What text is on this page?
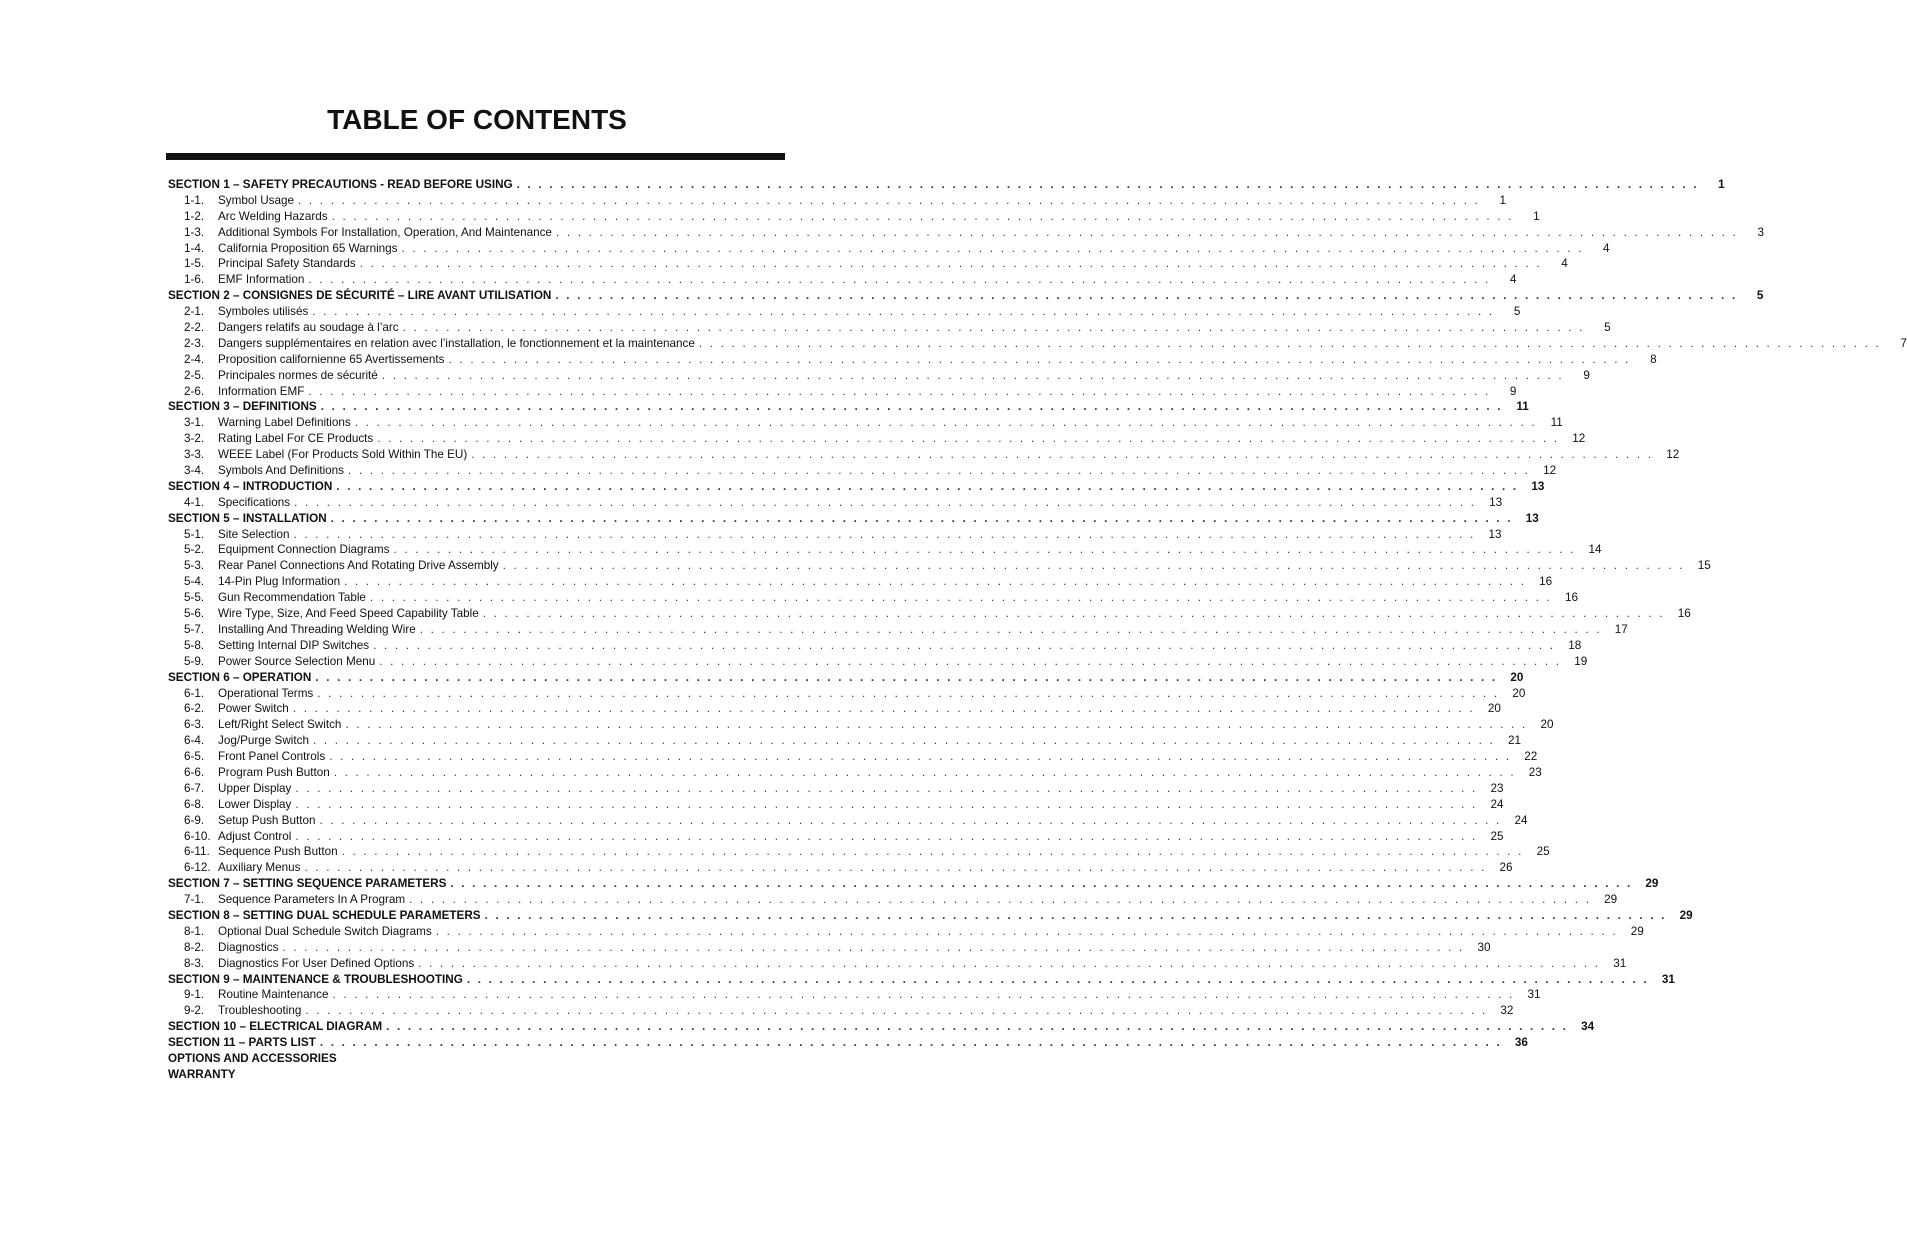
TABLE OF CONTENTS
SECTION 1 – SAFETY PRECAUTIONS - READ BEFORE USING . . . . . . . . . . . . . . . . . . . . . . . . . . . . . . . . . . . . . . . . . . . . . . . . . . . . . . . . . . . . . . . . . . . . . . . . . . . . . . . . . . . . . . . . . . . . . . . . . . . . . . . . . . . . .	1
1-1.	Symbol Usage . . . . . . . . . . . . . . . . . . . . . . . . . . . . . . . . . . . . . . . . . . . . . . . . . . . . . . . . . . . . . . . . . . . . . . . . . . . . . . . . . . . . . . . . . . . . . . . . . . . . . . . . . . . . .	1
1-2.	Arc Welding Hazards . . . . . . . . . . . . . . . . . . . . . . . . . . . . . . . . . . . . . . . . . . . . . . . . . . . . . . . . . . . . . . . . . . . . . . . . . . . . . . . . . . . . . . . . . . . . . . . . . . . . . . . . . . . . .	1
1-3.	Additional Symbols For Installation, Operation, And Maintenance . . . . . . . . . . . . . . . . . . . . . . . . . . . . . . . . . . . . . . . . . . . . . . . . . . . . . . . . . . . . . . . . . . . . . . . . . . . . . . . . . . . . . . . . . . . . . . . . . . . . . . . . . . . . .	3
1-4.	California Proposition 65 Warnings . . . . . . . . . . . . . . . . . . . . . . . . . . . . . . . . . . . . . . . . . . . . . . . . . . . . . . . . . . . . . . . . . . . . . . . . . . . . . . . . . . . . . . . . . . . . . . . . . . . . . . . . . . . . .	4
1-5.	Principal Safety Standards . . . . . . . . . . . . . . . . . . . . . . . . . . . . . . . . . . . . . . . . . . . . . . . . . . . . . . . . . . . . . . . . . . . . . . . . . . . . . . . . . . . . . . . . . . . . . . . . . . . . . . . . . . . . .	4
1-6.	EMF Information . . . . . . . . . . . . . . . . . . . . . . . . . . . . . . . . . . . . . . . . . . . . . . . . . . . . . . . . . . . . . . . . . . . . . . . . . . . . . . . . . . . . . . . . . . . . . . . . . . . . . . . . . . . . .	4
SECTION 2 – CONSIGNES DE SÉCURITÉ – LIRE AVANT UTILISATION . . . . . . . . . . . . . . . . . . . . . . . . . . . . . . . . . . . . . . . . . . . . . . . . . . . . . . . . . . . . . . . . . . . . . . . . . . . . . . . . . . . . . . . . . . . . . . . . . . . . . . . . . . . . .	5
2-1.	Symboles utilisés . . . . . . . . . . . . . . . . . . . . . . . . . . . . . . . . . . . . . . . . . . . . . . . . . . . . . . . . . . . . . . . . . . . . . . . . . . . . . . . . . . . . . . . . . . . . . . . . . . . . . . . . . . . . .	5
2-2.	Dangers relatifs au soudage à l’arc . . . . . . . . . . . . . . . . . . . . . . . . . . . . . . . . . . . . . . . . . . . . . . . . . . . . . . . . . . . . . . . . . . . . . . . . . . . . . . . . . . . . . . . . . . . . . . . . . . . . . . . . . . . . .	5
2-3.	Dangers supplémentaires en relation avec l’installation, le fonctionnement et la maintenance . . . . . . . . . . . . . . . . . . . . . . . . . . . . . . . . . . . . . . . . . . . . . . . . . . . . . . . . . . . . . . . . . . . . . . . . . . . . . . . . . . . . . . . . . . . . . . . . . . . . . . . . . . . . .	7
2-4.	Proposition californienne 65 Avertissements . . . . . . . . . . . . . . . . . . . . . . . . . . . . . . . . . . . . . . . . . . . . . . . . . . . . . . . . . . . . . . . . . . . . . . . . . . . . . . . . . . . . . . . . . . . . . . . . . . . . . . . . . . . . .	8
2-5.	Principales normes de sécurité . . . . . . . . . . . . . . . . . . . . . . . . . . . . . . . . . . . . . . . . . . . . . . . . . . . . . . . . . . . . . . . . . . . . . . . . . . . . . . . . . . . . . . . . . . . . . . . . . . . . . . . . . . . . .	9
2-6.	Information EMF . . . . . . . . . . . . . . . . . . . . . . . . . . . . . . . . . . . . . . . . . . . . . . . . . . . . . . . . . . . . . . . . . . . . . . . . . . . . . . . . . . . . . . . . . . . . . . . . . . . . . . . . . . . . .	9
SECTION 3 – DEFINITIONS . . . . . . . . . . . . . . . . . . . . . . . . . . . . . . . . . . . . . . . . . . . . . . . . . . . . . . . . . . . . . . . . . . . . . . . . . . . . . . . . . . . . . . . . . . . . . . . . . . . . . . . . . . . . .	11
3-1.	Warning Label Definitions . . . . . . . . . . . . . . . . . . . . . . . . . . . . . . . . . . . . . . . . . . . . . . . . . . . . . . . . . . . . . . . . . . . . . . . . . . . . . . . . . . . . . . . . . . . . . . . . . . . . . . . . . . . . .	11
3-2.	Rating Label For CE Products . . . . . . . . . . . . . . . . . . . . . . . . . . . . . . . . . . . . . . . . . . . . . . . . . . . . . . . . . . . . . . . . . . . . . . . . . . . . . . . . . . . . . . . . . . . . . . . . . . . . . . . . . . . . .	12
3-3.	WEEE Label (For Products Sold Within The EU) . . . . . . . . . . . . . . . . . . . . . . . . . . . . . . . . . . . . . . . . . . . . . . . . . . . . . . . . . . . . . . . . . . . . . . . . . . . . . . . . . . . . . . . . . . . . . . . . . . . . . . . . . . . . .	12
3-4.	Symbols And Definitions . . . . . . . . . . . . . . . . . . . . . . . . . . . . . . . . . . . . . . . . . . . . . . . . . . . . . . . . . . . . . . . . . . . . . . . . . . . . . . . . . . . . . . . . . . . . . . . . . . . . . . . . . . . . .	12
SECTION 4 – INTRODUCTION . . . . . . . . . . . . . . . . . . . . . . . . . . . . . . . . . . . . . . . . . . . . . . . . . . . . . . . . . . . . . . . . . . . . . . . . . . . . . . . . . . . . . . . . . . . . . . . . . . . . . . . . . . . . .	13
4-1.	Specifications . . . . . . . . . . . . . . . . . . . . . . . . . . . . . . . . . . . . . . . . . . . . . . . . . . . . . . . . . . . . . . . . . . . . . . . . . . . . . . . . . . . . . . . . . . . . . . . . . . . . . . . . . . . . .	13
SECTION 5 – INSTALLATION . . . . . . . . . . . . . . . . . . . . . . . . . . . . . . . . . . . . . . . . . . . . . . . . . . . . . . . . . . . . . . . . . . . . . . . . . . . . . . . . . . . . . . . . . . . . . . . . . . . . . . . . . . . . .	13
5-1.	Site Selection . . . . . . . . . . . . . . . . . . . . . . . . . . . . . . . . . . . . . . . . . . . . . . . . . . . . . . . . . . . . . . . . . . . . . . . . . . . . . . . . . . . . . . . . . . . . . . . . . . . . . . . . . . . . .	13
5-2.	Equipment Connection Diagrams . . . . . . . . . . . . . . . . . . . . . . . . . . . . . . . . . . . . . . . . . . . . . . . . . . . . . . . . . . . . . . . . . . . . . . . . . . . . . . . . . . . . . . . . . . . . . . . . . . . . . . . . . . . . .	14
5-3.	Rear Panel Connections And Rotating Drive Assembly . . . . . . . . . . . . . . . . . . . . . . . . . . . . . . . . . . . . . . . . . . . . . . . . . . . . . . . . . . . . . . . . . . . . . . . . . . . . . . . . . . . . . . . . . . . . . . . . . . . . . . . . . . . . .	15
5-4.	14-Pin Plug Information . . . . . . . . . . . . . . . . . . . . . . . . . . . . . . . . . . . . . . . . . . . . . . . . . . . . . . . . . . . . . . . . . . . . . . . . . . . . . . . . . . . . . . . . . . . . . . . . . . . . . . . . . . . . .	16
5-5.	Gun Recommendation Table . . . . . . . . . . . . . . . . . . . . . . . . . . . . . . . . . . . . . . . . . . . . . . . . . . . . . . . . . . . . . . . . . . . . . . . . . . . . . . . . . . . . . . . . . . . . . . . . . . . . . . . . . . . . .	16
5-6.	Wire Type, Size, And Feed Speed Capability Table . . . . . . . . . . . . . . . . . . . . . . . . . . . . . . . . . . . . . . . . . . . . . . . . . . . . . . . . . . . . . . . . . . . . . . . . . . . . . . . . . . . . . . . . . . . . . . . . . . . . . . . . . . . . .	16
5-7.	Installing And Threading Welding Wire . . . . . . . . . . . . . . . . . . . . . . . . . . . . . . . . . . . . . . . . . . . . . . . . . . . . . . . . . . . . . . . . . . . . . . . . . . . . . . . . . . . . . . . . . . . . . . . . . . . . . . . . . . . . .	17
5-8.	Setting Internal DIP Switches . . . . . . . . . . . . . . . . . . . . . . . . . . . . . . . . . . . . . . . . . . . . . . . . . . . . . . . . . . . . . . . . . . . . . . . . . . . . . . . . . . . . . . . . . . . . . . . . . . . . . . . . . . . . .	18
5-9.	Power Source Selection Menu . . . . . . . . . . . . . . . . . . . . . . . . . . . . . . . . . . . . . . . . . . . . . . . . . . . . . . . . . . . . . . . . . . . . . . . . . . . . . . . . . . . . . . . . . . . . . . . . . . . . . . . . . . . . .	19
SECTION 6 – OPERATION . . . . . . . . . . . . . . . . . . . . . . . . . . . . . . . . . . . . . . . . . . . . . . . . . . . . . . . . . . . . . . . . . . . . . . . . . . . . . . . . . . . . . . . . . . . . . . . . . . . . . . . . . . . . .	20
6-1.	Operational Terms . . . . . . . . . . . . . . . . . . . . . . . . . . . . . . . . . . . . . . . . . . . . . . . . . . . . . . . . . . . . . . . . . . . . . . . . . . . . . . . . . . . . . . . . . . . . . . . . . . . . . . . . . . . . .	20
6-2.	Power Switch . . . . . . . . . . . . . . . . . . . . . . . . . . . . . . . . . . . . . . . . . . . . . . . . . . . . . . . . . . . . . . . . . . . . . . . . . . . . . . . . . . . . . . . . . . . . . . . . . . . . . . . . . . . . .	20
6-3.	Left/Right Select Switch . . . . . . . . . . . . . . . . . . . . . . . . . . . . . . . . . . . . . . . . . . . . . . . . . . . . . . . . . . . . . . . . . . . . . . . . . . . . . . . . . . . . . . . . . . . . . . . . . . . . . . . . . . . . .	20
6-4.	Jog/Purge Switch . . . . . . . . . . . . . . . . . . . . . . . . . . . . . . . . . . . . . . . . . . . . . . . . . . . . . . . . . . . . . . . . . . . . . . . . . . . . . . . . . . . . . . . . . . . . . . . . . . . . . . . . . . . . .	21
6-5.	Front Panel Controls . . . . . . . . . . . . . . . . . . . . . . . . . . . . . . . . . . . . . . . . . . . . . . . . . . . . . . . . . . . . . . . . . . . . . . . . . . . . . . . . . . . . . . . . . . . . . . . . . . . . . . . . . . . . .	22
6-6.	Program Push Button . . . . . . . . . . . . . . . . . . . . . . . . . . . . . . . . . . . . . . . . . . . . . . . . . . . . . . . . . . . . . . . . . . . . . . . . . . . . . . . . . . . . . . . . . . . . . . . . . . . . . . . . . . . . .	23
6-7.	Upper Display . . . . . . . . . . . . . . . . . . . . . . . . . . . . . . . . . . . . . . . . . . . . . . . . . . . . . . . . . . . . . . . . . . . . . . . . . . . . . . . . . . . . . . . . . . . . . . . . . . . . . . . . . . . . .	23
6-8.	Lower Display . . . . . . . . . . . . . . . . . . . . . . . . . . . . . . . . . . . . . . . . . . . . . . . . . . . . . . . . . . . . . . . . . . . . . . . . . . . . . . . . . . . . . . . . . . . . . . . . . . . . . . . . . . . . .	24
6-9.	Setup Push Button . . . . . . . . . . . . . . . . . . . . . . . . . . . . . . . . . . . . . . . . . . . . . . . . . . . . . . . . . . . . . . . . . . . . . . . . . . . . . . . . . . . . . . . . . . . . . . . . . . . . . . . . . . . . .	24
6-10. Adjust Control . . . . . . . . . . . . . . . . . . . . . . . . . . . . . . . . . . . . . . . . . . . . . . . . . . . . . . . . . . . . . . . . . . . . . . . . . . . . . . . . . . . . . . . . . . . . . . . . . . . . . . . . . . . . .	25
6-11. Sequence Push Button . . . . . . . . . . . . . . . . . . . . . . . . . . . . . . . . . . . . . . . . . . . . . . . . . . . . . . . . . . . . . . . . . . . . . . . . . . . . . . . . . . . . . . . . . . . . . . . . . . . . . . . . . . . . .	25
6-12. Auxiliary Menus . . . . . . . . . . . . . . . . . . . . . . . . . . . . . . . . . . . . . . . . . . . . . . . . . . . . . . . . . . . . . . . . . . . . . . . . . . . . . . . . . . . . . . . . . . . . . . . . . . . . . . . . . . . . .	26
SECTION 7 – SETTING SEQUENCE PARAMETERS . . . . . . . . . . . . . . . . . . . . . . . . . . . . . . . . . . . . . . . . . . . . . . . . . . . . . . . . . . . . . . . . . . . . . . . . . . . . . . . . . . . . . . . . . . . . . . . . . . . . . . . . . . . . .	29
7-1.	Sequence Parameters In A Program . . . . . . . . . . . . . . . . . . . . . . . . . . . . . . . . . . . . . . . . . . . . . . . . . . . . . . . . . . . . . . . . . . . . . . . . . . . . . . . . . . . . . . . . . . . . . . . . . . . . . . . . . . . . .	29
SECTION 8 – SETTING DUAL SCHEDULE PARAMETERS . . . . . . . . . . . . . . . . . . . . . . . . . . . . . . . . . . . . . . . . . . . . . . . . . . . . . . . . . . . . . . . . . . . . . . . . . . . . . . . . . . . . . . . . . . . . . . . . . . . . . . . . . . . . .	29
8-1.	Optional Dual Schedule Switch Diagrams . . . . . . . . . . . . . . . . . . . . . . . . . . . . . . . . . . . . . . . . . . . . . . . . . . . . . . . . . . . . . . . . . . . . . . . . . . . . . . . . . . . . . . . . . . . . . . . . . . . . . . . . . . . . .	29
8-2.	Diagnostics . . . . . . . . . . . . . . . . . . . . . . . . . . . . . . . . . . . . . . . . . . . . . . . . . . . . . . . . . . . . . . . . . . . . . . . . . . . . . . . . . . . . . . . . . . . . . . . . . . . . . . . . . . . . .	30
8-3.	Diagnostics For User Defined Options . . . . . . . . . . . . . . . . . . . . . . . . . . . . . . . . . . . . . . . . . . . . . . . . . . . . . . . . . . . . . . . . . . . . . . . . . . . . . . . . . . . . . . . . . . . . . . . . . . . . . . . . . . . . .	31
SECTION 9 – MAINTENANCE & TROUBLESHOOTING . . . . . . . . . . . . . . . . . . . . . . . . . . . . . . . . . . . . . . . . . . . . . . . . . . . . . . . . . . . . . . . . . . . . . . . . . . . . . . . . . . . . . . . . . . . . . . . . . . . . . . . . . . . . .	31
9-1.	Routine Maintenance . . . . . . . . . . . . . . . . . . . . . . . . . . . . . . . . . . . . . . . . . . . . . . . . . . . . . . . . . . . . . . . . . . . . . . . . . . . . . . . . . . . . . . . . . . . . . . . . . . . . . . . . . . . . .	31
9-2.	Troubleshooting . . . . . . . . . . . . . . . . . . . . . . . . . . . . . . . . . . . . . . . . . . . . . . . . . . . . . . . . . . . . . . . . . . . . . . . . . . . . . . . . . . . . . . . . . . . . . . . . . . . . . . . . . . . . .	32
SECTION 10 – ELECTRICAL DIAGRAM . . . . . . . . . . . . . . . . . . . . . . . . . . . . . . . . . . . . . . . . . . . . . . . . . . . . . . . . . . . . . . . . . . . . . . . . . . . . . . . . . . . . . . . . . . . . . . . . . . . . . . . . . . . . .	34
SECTION 11 – PARTS LIST . . . . . . . . . . . . . . . . . . . . . . . . . . . . . . . . . . . . . . . . . . . . . . . . . . . . . . . . . . . . . . . . . . . . . . . . . . . . . . . . . . . . . . . . . . . . . . . . . . . . . . . . . . . . .	36
OPTIONS AND ACCESSORIES
WARRANTY
